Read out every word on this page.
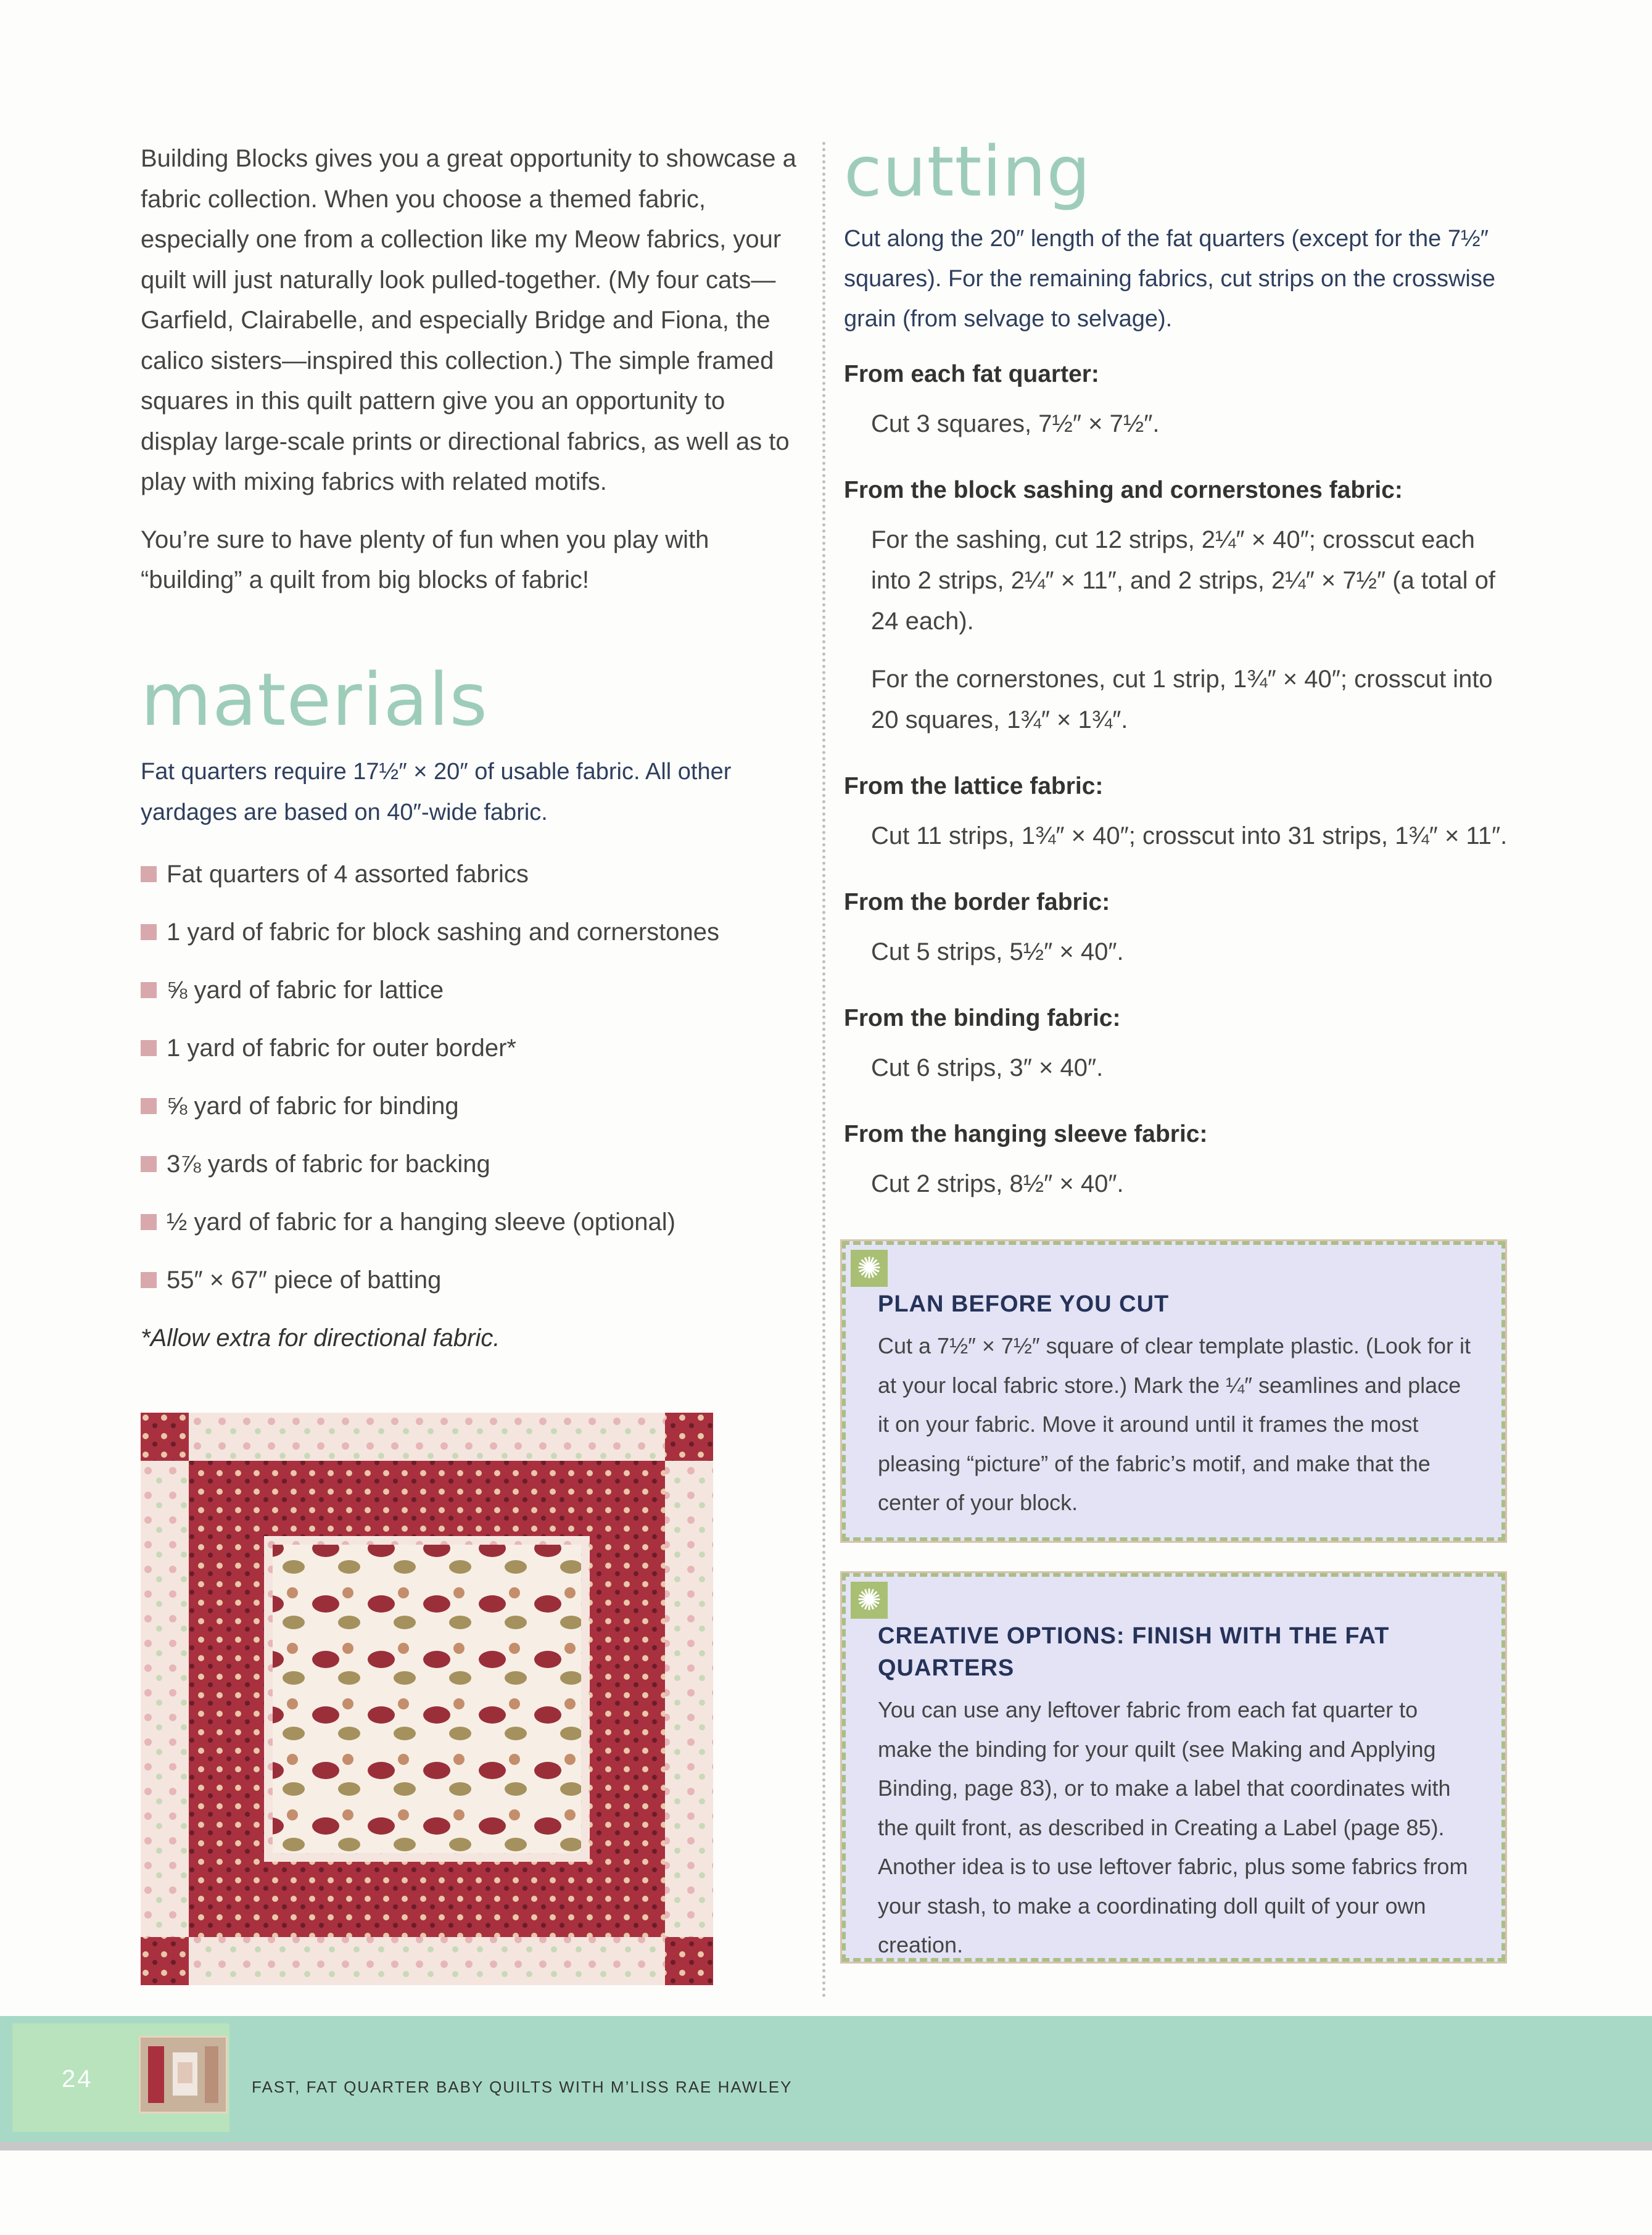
Building Blocks gives you a great opportunity to showcase a fabric collection. When you choose a themed fabric, especially one from a collection like my Meow fabrics, your quilt will just naturally look pulled-together. (My four cats—Garfield, Clairabelle, and especially Bridge and Fiona, the calico sisters—inspired this collection.) The simple framed squares in this quilt pattern give you an opportunity to display large-scale prints or directional fabrics, as well as to play with mixing fabrics with related motifs.

You’re sure to have plenty of fun when you play with “building” a quilt from big blocks of fabric!

materials

Fat quarters require 17½″ × 20″ of usable fabric. All other yardages are based on 40″-wide fabric.

Fat quarters of 4 assorted fabrics
1 yard of fabric for block sashing and cornerstones
⅝ yard of fabric for lattice
1 yard of fabric for outer border*
⅝ yard of fabric for binding
3⅞ yards of fabric for backing
½ yard of fabric for a hanging sleeve (optional)
55″ × 67″ piece of batting
*Allow extra for directional fabric.
cutting

Cut along the 20″ length of the fat quarters (except for the 7½″ squares). For the remaining fabrics, cut strips on the crosswise grain (from selvage to selvage).

From each fat quarter:

Cut 3 squares, 7½″ × 7½″.

From the block sashing and cornerstones fabric:

For the sashing, cut 12 strips, 2¼″ × 40″; crosscut each into 2 strips, 2¼″ × 11″, and 2 strips, 2¼″ × 7½″ (a total of 24 each).

For the cornerstones, cut 1 strip, 1¾″ × 40″; crosscut into 20 squares, 1¾″ × 1¾″.

From the lattice fabric:

Cut 11 strips, 1¾″ × 40″; crosscut into 31 strips, 1¾″ × 11″.

From the border fabric:

Cut 5 strips, 5½″ × 40″.

From the binding fabric:

Cut 6 strips, 3″ × 40″.

From the hanging sleeve fabric:

Cut 2 strips, 8½″ × 40″.

✺
PLAN BEFORE YOU CUT

Cut a 7½″ × 7½″ square of clear template plastic. (Look for it at your local fabric store.) Mark the ¼″ seamlines and place it on your fabric. Move it around until it frames the most pleasing “picture” of the fabric’s motif, and make that the center of your block.

✺
CREATIVE OPTIONS: FINISH WITH THE FAT QUARTERS

You can use any leftover fabric from each fat quarter to make the binding for your quilt (see Making and Applying Binding, page 83), or to make a label that coordinates with the quilt front, as described in Creating a Label (page 85). Another idea is to use leftover fabric, plus some fabrics from your stash, to make a coordinating doll quilt of your own creation.

24	FAST, FAT QUARTER BABY QUILTS WITH M’LISS RAE HAWLEY
